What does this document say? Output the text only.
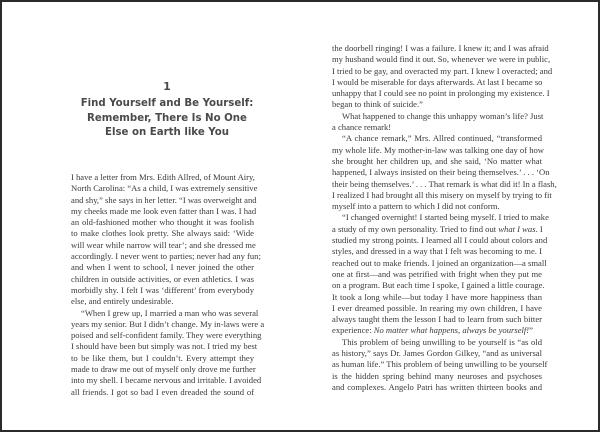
1
Find Yourself and Be Yourself:
Remember, There Is No One
Else on Earth like You
I have a letter from Mrs. Edith Allred, of Mount Airy,
North Carolina: “As a child, I was extremely sensitive
and shy,” she says in her letter. “I was overweight and
my cheeks made me look even fatter than I was. I had
an old-fashioned mother who thought it was foolish
to make clothes look pretty. She always said: ‘Wide
will wear while narrow will tear’; and she dressed me
accordingly. I never went to parties; never had any fun;
and when I went to school, I never joined the other
children in outside activities, or even athletics. I was
morbidly shy. I felt I was ‘different’ from everybody
else, and entirely undesirable.
“When I grew up, I married a man who was several
years my senior. But I didn’t change. My in-laws were a
poised and self-confident family. They were everything
I should have been but simply was not. I tried my best
to be like them, but I couldn’t. Every attempt they
made to draw me out of myself only drove me further
into my shell. I became nervous and irritable. I avoided
all friends. I got so bad I even dreaded the sound of
the doorbell ringing! I was a failure. I knew it; and I was afraid
my husband would find it out. So, whenever we were in public,
I tried to be gay, and overacted my part. I knew I overacted; and
I would be miserable for days afterwards. At last I became so
unhappy that I could see no point in prolonging my existence. I
began to think of suicide.”
What happened to change this unhappy woman’s life? Just
a chance remark!
“A chance remark,” Mrs. Allred continued, “transformed
my whole life. My mother-in-law was talking one day of how
she brought her children up, and she said, ‘No matter what
happened, I always insisted on their being themselves.’ . . . ‘On
their being themselves.’ . . . That remark is what did it! In a flash,
I realized I had brought all this misery on myself by trying to fit
myself into a pattern to which I did not conform.
“I changed overnight! I started being myself. I tried to make
a study of my own personality. Tried to find out what I was. I
studied my strong points. I learned all I could about colors and
styles, and dressed in a way that I felt was becoming to me. I
reached out to make friends. I joined an organization—a small
one at first—and was petrified with fright when they put me
on a program. But each time I spoke, I gained a little courage.
It took a long while—but today I have more happiness than
I ever dreamed possible. In rearing my own children, I have
always taught them the lesson I had to learn from such bitter
experience: No matter what happens, always be yourself!”
This problem of being unwilling to be yourself is “as old
as history,” says Dr. James Gordon Gilkey, “and as universal
as human life.” This problem of being unwilling to be yourself
is the hidden spring behind many neuroses and psychoses
and complexes. Angelo Patri has written thirteen books and
